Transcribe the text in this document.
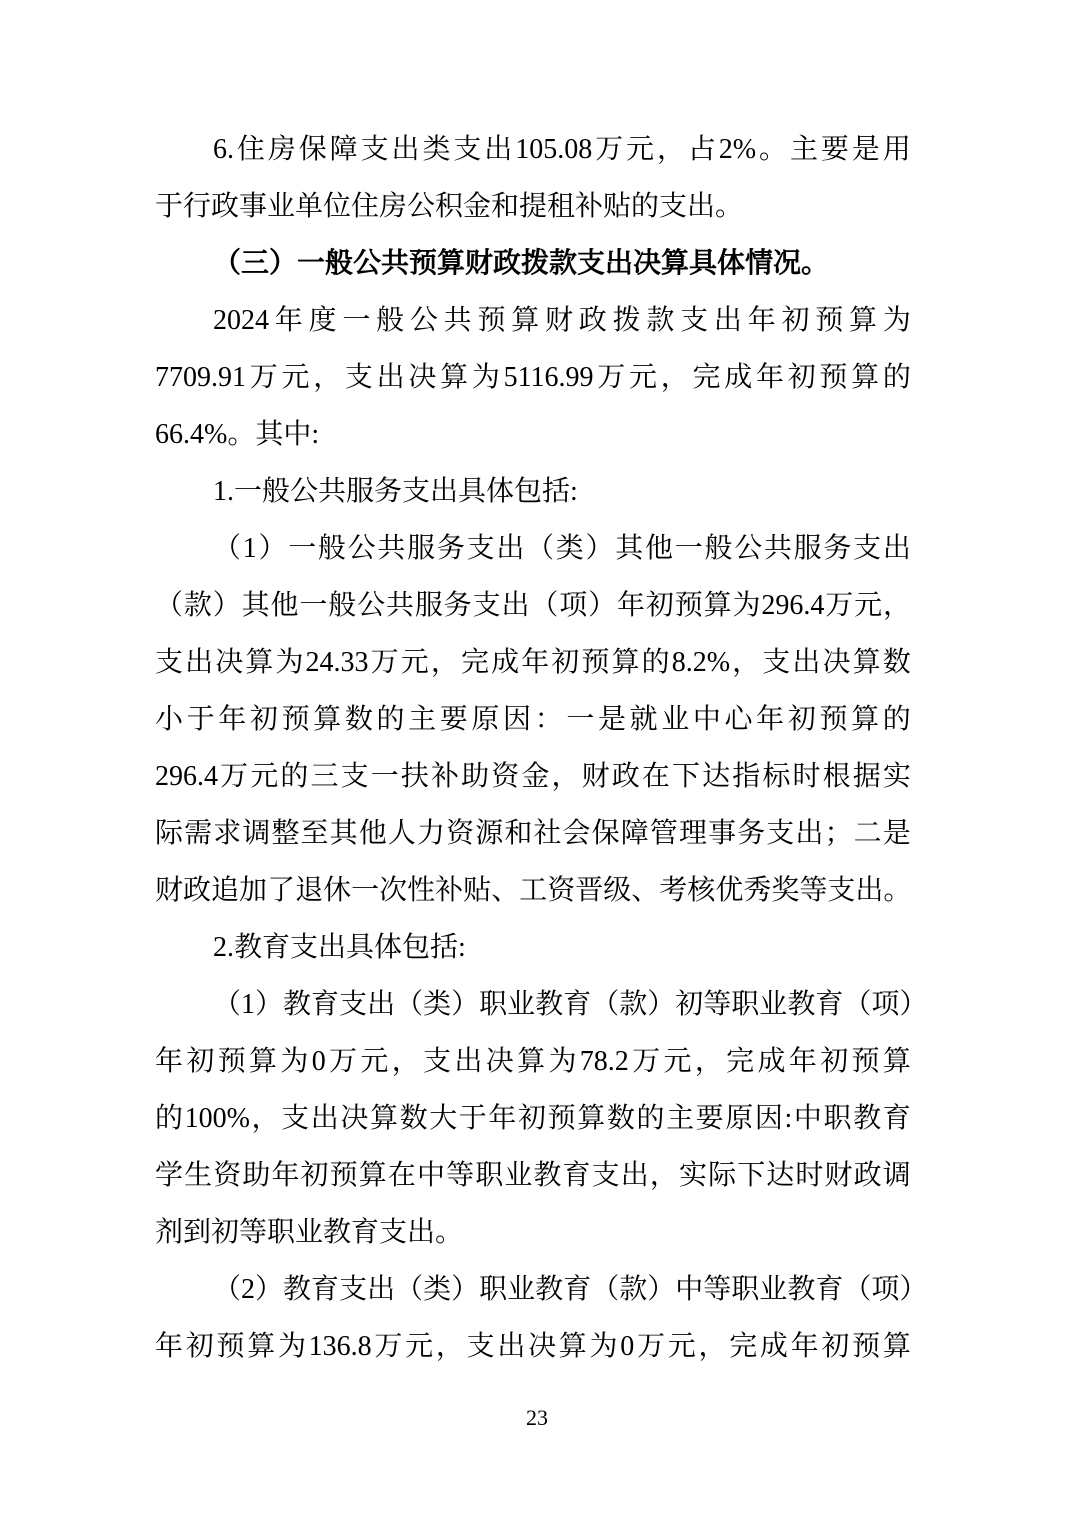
6. 住 房 保 障 支 出 类 支 出 105.08 万 元 ， 占 2% 。 主 要 是 用
于行政事业单位住房公积金和提租补贴的支出。
（三）一般公共预算财政拨款支出决算具体情况。
2024 年 度 一 般 公 共 预 算 财 政 拨 款 支 出 年 初 预 算 为
7709.91 万 元 ， 支 出 决 算 为 5116.99 万 元 ， 完 成 年 初 预 算 的
66.4%。其中:
1.一般公共服务支出具体包括:
（ 1 ） 一 般 公 共 服 务 支 出 （ 类 ） 其 他 一 般 公 共 服 务 支 出
（ 款 ） 其 他 一 般 公 共 服 务 支 出 （ 项 ） 年 初 预 算 为 296.4 万 元 ，
支 出 决 算 为 24.33 万 元 ， 完 成 年 初 预 算 的 8.2% ， 支 出 决 算 数
小 于 年 初 预 算 数 的 主 要 原 因 ： 一 是 就 业 中 心 年 初 预 算 的
296.4 万 元 的 三 支 一 扶 补 助 资 金 ， 财 政 在 下 达 指 标 时 根 据 实
际 需 求 调 整 至 其 他 人 力 资 源 和 社 会 保 障 管 理 事 务 支 出 ； 二 是
财 政 追 加 了 退 休 一 次 性 补 贴 、 工 资 晋 级 、 考 核 优 秀 奖 等 支 出 。
2.教育支出具体包括:
（ 1 ） 教 育 支 出 （ 类 ） 职 业 教 育 （ 款 ） 初 等 职 业 教 育 （ 项 ）
年 初 预 算 为 0 万 元 ， 支 出 决 算 为 78.2 万 元 ， 完 成 年 初 预 算
的 100% ， 支 出 决 算 数 大 于 年 初 预 算 数 的 主 要 原 因 : 中 职 教 育
学 生 资 助 年 初 预 算 在 中 等 职 业 教 育 支 出 ， 实 际 下 达 时 财 政 调
剂到初等职业教育支出。
（ 2 ） 教 育 支 出 （ 类 ） 职 业 教 育 （ 款 ） 中 等 职 业 教 育 （ 项 ）
年 初 预 算 为 136.8 万 元 ， 支 出 决 算 为 0 万 元 ， 完 成 年 初 预 算
23
